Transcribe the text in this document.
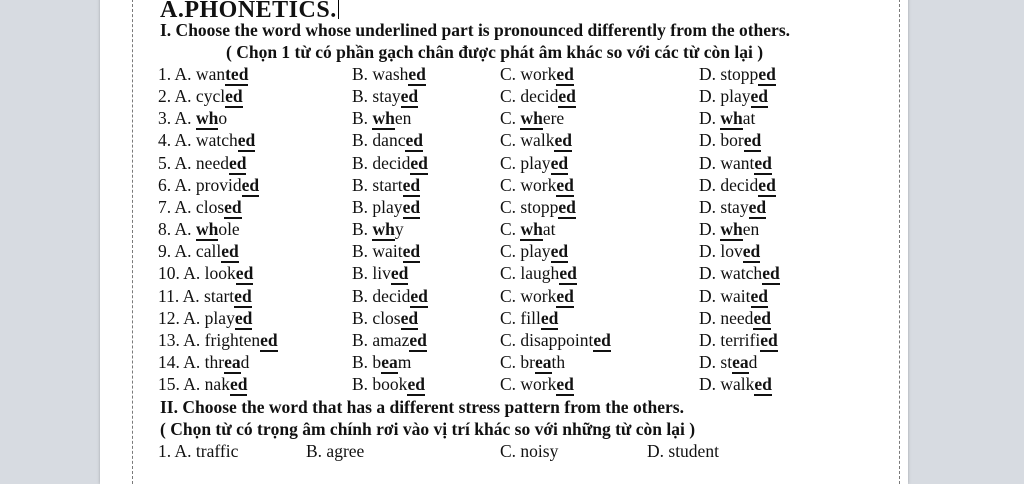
A.PHONETICS.
I. Choose the word whose underlined part is pronounced differently from the others.
( Chọn 1 từ có phần gạch chân được phát âm khác so với các từ còn lại )
1. A. wanted	B. washed	C. worked	D. stopped
2. A. cycled	B. stayed	C. decided	D. played
3. A. who	B. when	C. where	D. what
4. A. watched	B. danced	C. walked	D. bored
5. A. needed	B. decided	C. played	D. wanted
6. A. provided	B. started	C. worked	D. decided
7. A. closed	B. played	C. stopped	D. stayed
8. A. whole	B. why	C. what	D. when
9. A. called	B. waited	C. played	D. loved
10. A. looked	B. lived	C. laughed	D. watched
11. A. started	B. decided	C. worked	D. waited
12. A. played	B. closed	C. filled	D. needed
13. A. frightened	B. amazed	C. disappointed	D. terrified
14. A. thread	B. beam	C. breath	D. stead
15. A. naked	B. booked	C. worked	D. walked
II. Choose the word that has a different stress pattern from the others.
( Chọn từ có trọng âm chính rơi vào vị trí khác so với những từ còn lại )
1. A. traffic	B. agree	C. noisy	D. student
